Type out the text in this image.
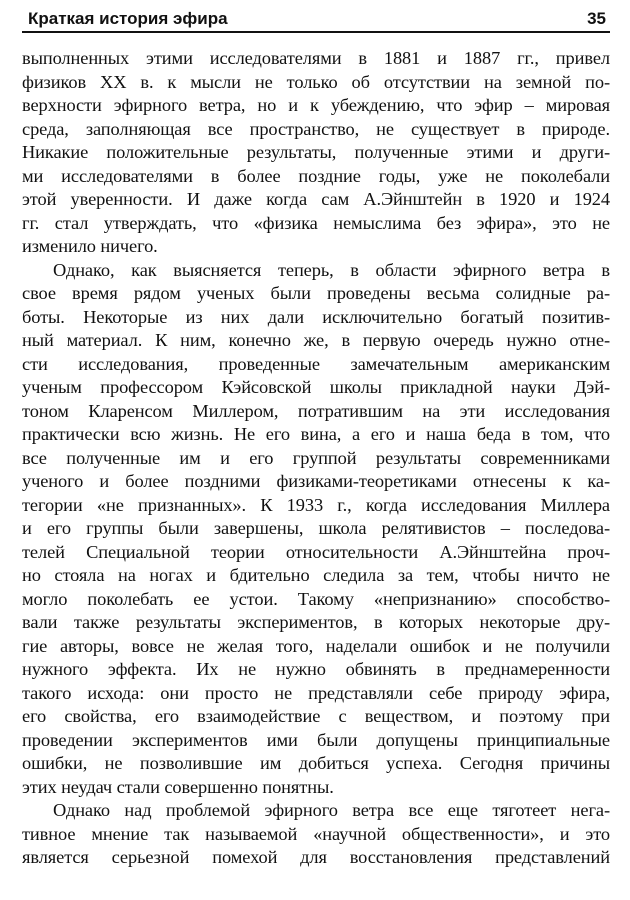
Краткая история эфира	35
выполненных этими исследователями в 1881 и 1887 гг., привел
физиков XX в. к мысли не только об отсутствии на земной по-
верхности эфирного ветра, но и к убеждению, что эфир – мировая
среда, заполняющая все пространство, не существует в природе.
Никакие положительные результаты, полученные этими и други-
ми исследователями в более поздние годы, уже не поколебали
этой уверенности. И даже когда сам А.Эйнштейн в 1920 и 1924
гг. стал утверждать, что «физика немыслима без эфира», это не
изменило ничего.
Однако, как выясняется теперь, в области эфирного ветра в
свое время рядом ученых были проведены весьма солидные ра-
боты. Некоторые из них дали исключительно богатый позитив-
ный материал. К ним, конечно же, в первую очередь нужно отне-
сти исследования, проведенные замечательным американским
ученым профессором Кэйсовской школы прикладной науки Дэй-
тоном Кларенсом Миллером, потратившим на эти исследования
практически всю жизнь. Не его вина, а его и наша беда в том, что
все полученные им и его группой результаты современниками
ученого и более поздними физиками-теоретиками отнесены к ка-
тегории «не признанных». К 1933 г., когда исследования Миллера
и его группы были завершены, школа релятивистов – последова-
телей Специальной теории относительности А.Эйнштейна проч-
но стояла на ногах и бдительно следила за тем, чтобы ничто не
могло поколебать ее устои. Такому «непризнанию» способство-
вали также результаты экспериментов, в которых некоторые дру-
гие авторы, вовсе не желая того, наделали ошибок и не получили
нужного эффекта. Их не нужно обвинять в преднамеренности
такого исхода: они просто не представляли себе природу эфира,
его свойства, его взаимодействие с веществом, и поэтому при
проведении экспериментов ими были допущены принципиальные
ошибки, не позволившие им добиться успеха. Сегодня причины
этих неудач стали совершенно понятны.
Однако над проблемой эфирного ветра все еще тяготеет нега-
тивное мнение так называемой «научной общественности», и это
является серьезной помехой для восстановления представлений
